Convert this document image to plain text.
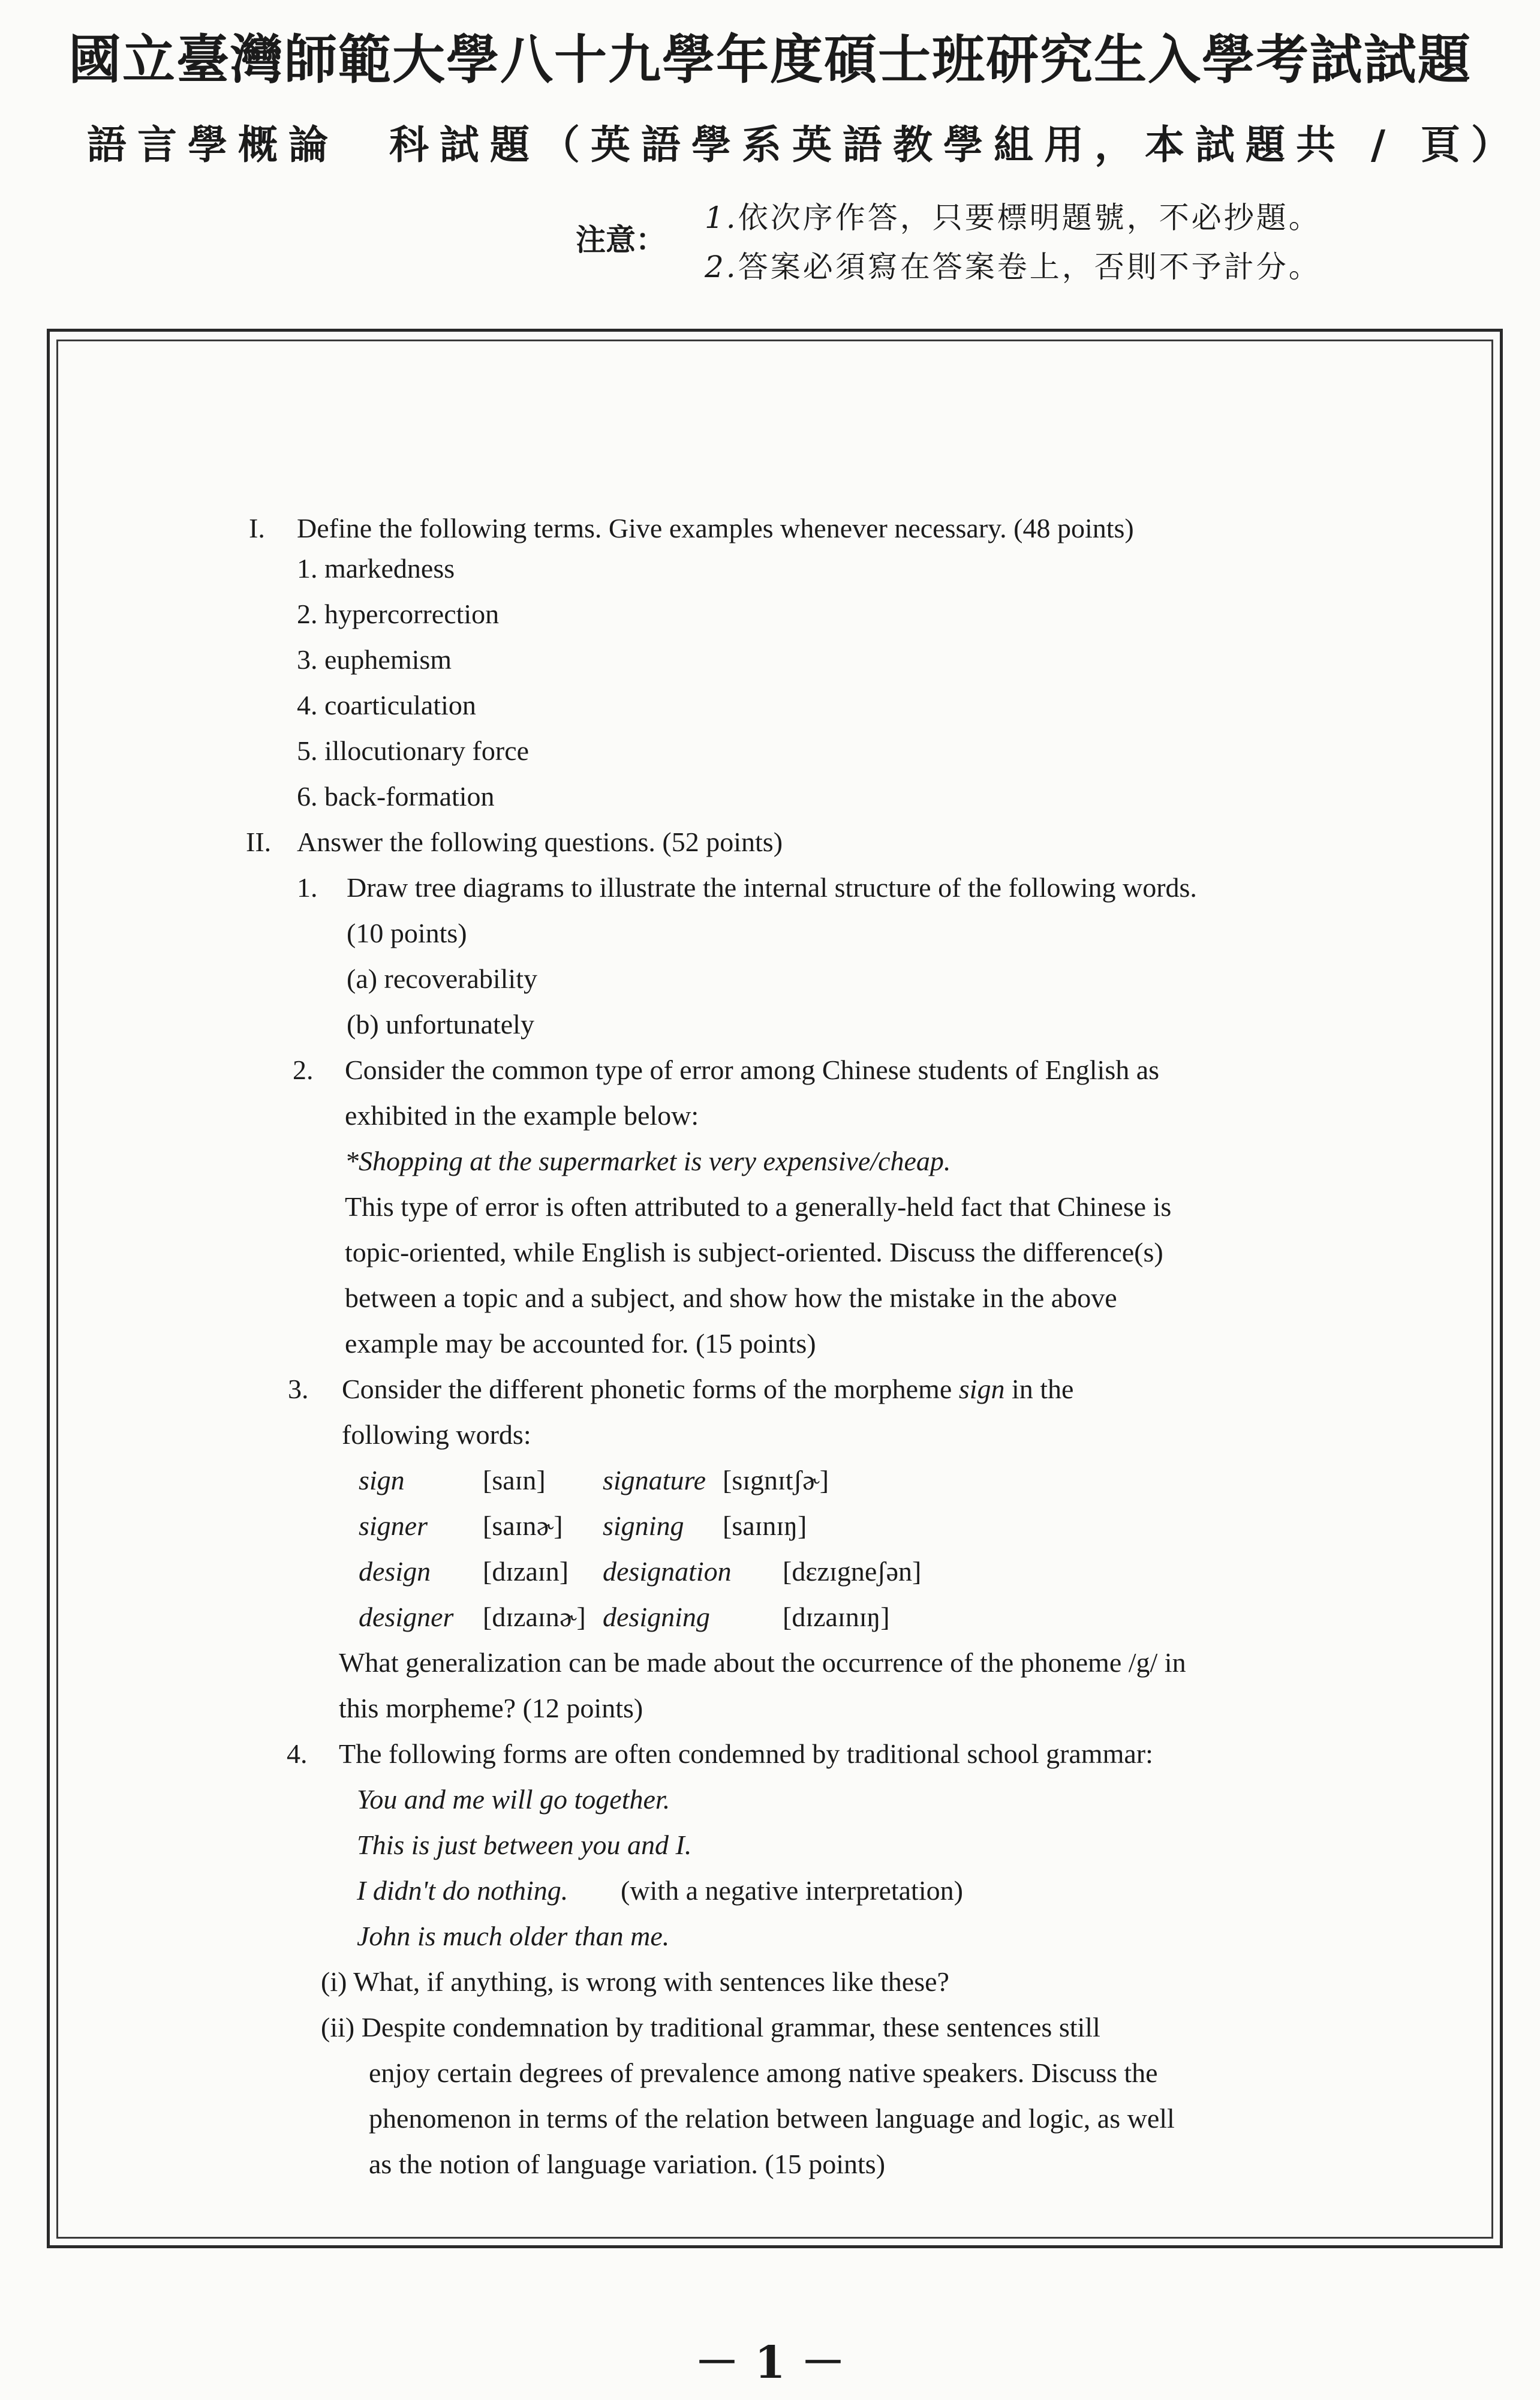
國立臺灣師範大學八十九學年度碩士班研究生入學考試試題
語言學概論　科試題（英語學系英語教學組用，本試題共 / 頁）
注意：
1.依次序作答，只要標明題號，不必抄題。
2.答案必須寫在答案卷上，否則不予計分。
I. Define the following terms. Give examples whenever necessary. (48 points)
1. markedness
2. hypercorrection
3. euphemism
4. coarticulation
5. illocutionary force
6. back-formation
II. Answer the following questions. (52 points)
1. Draw tree diagrams to illustrate the internal structure of the following words.
(10 points)
(a) recoverability
(b) unfortunately
2. Consider the common type of error among Chinese students of English as
exhibited in the example below:
*Shopping at the supermarket is very expensive/cheap.
This type of error is often attributed to a generally-held fact that Chinese is
topic-oriented, while English is subject-oriented. Discuss the difference(s)
between a topic and a subject, and show how the mistake in the above
example may be accounted for. (15 points)
3. Consider the different phonetic forms of the morpheme sign in the
following words:
sign	[saɪn] signature [sɪgnɪtʃɚ]
signer [saɪnɚ] signing [saɪnɪŋ]
design [dɪzaɪn] designation [dɛzɪgneʃən]
designer [dɪzaɪnɚ] designing	[dɪzaɪnɪŋ]
What generalization can be made about the occurrence of the phoneme /g/ in
this morpheme? (12 points)
4. The following forms are often condemned by traditional school grammar:
You and me will go together.
This is just between you and I.
I didn't do nothing. (with a negative interpretation)
John is much older than me.
(i) What, if anything, is wrong with sentences like these?
(ii) Despite condemnation by traditional grammar, these sentences still
enjoy certain degrees of prevalence among native speakers. Discuss the
phenomenon in terms of the relation between language and logic, as well
as the notion of language variation. (15 points)
－ 1 －
